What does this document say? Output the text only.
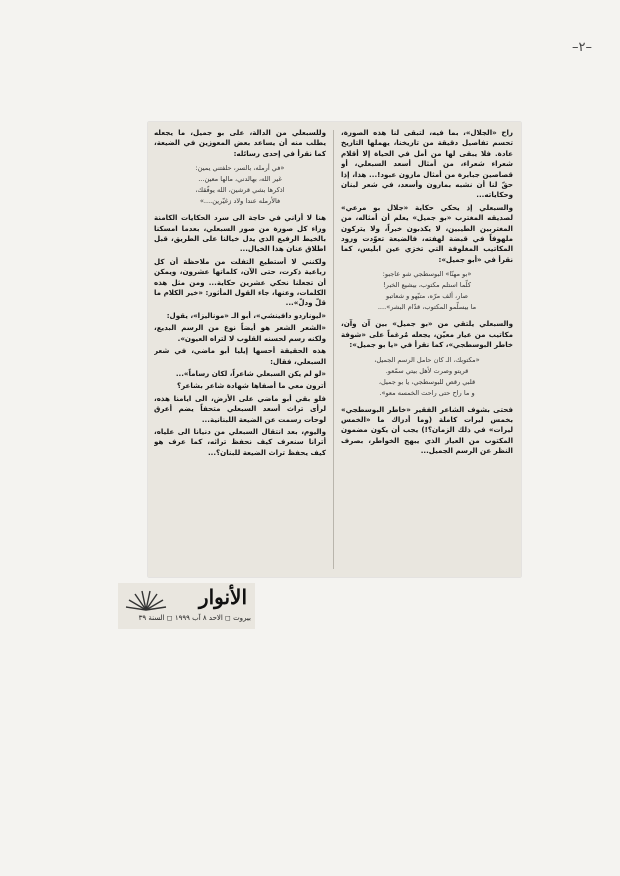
–٢–

راح «الجلال»، بما فيه، لتبقى لنا هذه الصورة، تحسم تفاصيل دقيقة من تاريخنا، يهملها التاريخ عادة. فلا يبقى لها من أمل في الحياة إلا أقلام شعراء شعراء، من أمثال أسعد السبعلي، أو قصاصين جبابرة من أمثال مارون عبود!... هذا، إذا حقّ لنا أن نشبه بمارون وأسعد، في شعر لبنان وحكاياته...

والسبعلي إذ يحكي حكاية «جلال بو مرعي» لصديقه المغترب «بو جميل» يعلم أن أمثاله، من المغتربين الطيبين، لا يكذبون خبراً، ولا يتركون ملهوفاً في قبضة لهفته، فالضيعة تعوّدت ورود المكاتيب المغلوفة التي تخزي عين ابليس، كما نقرأ في «أبو جميل»:

«بو مهنّا» البوسطجي شو عاجبو:
كلّما استلم مكتوب، بيشيع الخبر!
صار، ألف مرّه، متبّهو و شعاتبو
ما بيسلّمو المكتوب، قدّام البشر»....

والسبعلي يلتقي من «بو جميل» بين آن وآن، مكاتيب من عيار معيّن، يجعله مُرغماً على «شوفة خاطر البوسطجي»، كما نقرأ في «يا بو جميل»:

«مكتوبك، الـ كان حامل الرسم الجميل،
قريتو وصرت لأهل بيتي سمّعو.
قلبي رقص للبوسطجي، يا بو جميل،
و ما راح حتى راحت الخمسه معو».

فحتى بشوف الشاعر الفقير «خاطر البوسطجي» بخمس ليرات كاملة (وما أدراك ما «الخمس ليرات» في ذلك الزمان؟!) يجب أن يكون مضمون المكتوب من العيار الذي يبهج الخواطر، بصرف النظر عن الرسم الجميل...

وللسبعلي من الدالة، على بو جميل، ما يجعله يطلب منه أن يساعد بعض المعوزين في الضيعة، كما نقرأ في إحدى رسائله:

«في أرمله، بالسر، حلفتني يمين:
غير الله، بهالدني، مالها معين...
اذكرها بشي قرشين، الله يوفّقك،
فالأرمله عندا ولاد زغيّرين....»

هنا لا أراني في حاجة الى سرد الحكايات الكامنة وراء كل صورة من صور السبعلي، بعدما امسكنا بالخيط الرفيع الذي يدل خيالنا على الطريق، قبل اطلاق عنان هذا الخيال...

ولكنني لا أستطيع التفلت من ملاحظة أن كل رباعية ذكرت، حتى الآن، كلماتها عشرون، ويمكن أن تجعلنا نحكي عشرين حكاية... ومن مثل هذه الكلمات، وعنها، جاء القول المأثور: «خير الكلام ما قلّ ودلّ»...

«ليوناردو دافينشي»، أبو الـ «موناليزا»، يقول:

«الشعر الشعر هو أيضاً نوع من الرسم البديع، ولكنه رسم لحسنه القلوب لا لتراه العيون».

هذه الحقيقة أحسها إيليا أبو ماضي، في شعر السبعلي، فقال:

«لو لم يكن السبعلي شاعراً، لكان رساماً»...

أترون معي ما أصفاها شهادة شاعر بشاعر؟

فلو بقي أبو ماضي على الأرض، الى ايامنا هذه، لرأى تراث أسعد السبعلي متحفاً يضم أعرق لوحات رسمت عن الضيعة اللبنانية...

واليوم، بعد انتقال السبعلي من دنيانا الى علياه، أترانا سنعرف كيف نحفظ تراثه، كما عرف هو كيف يحفظ تراث الضيعة للبنان؟...

الأنوار
بيروت ◻ الاحد ٨ آب ١٩٩٩ ◻ السنة ٣٩
